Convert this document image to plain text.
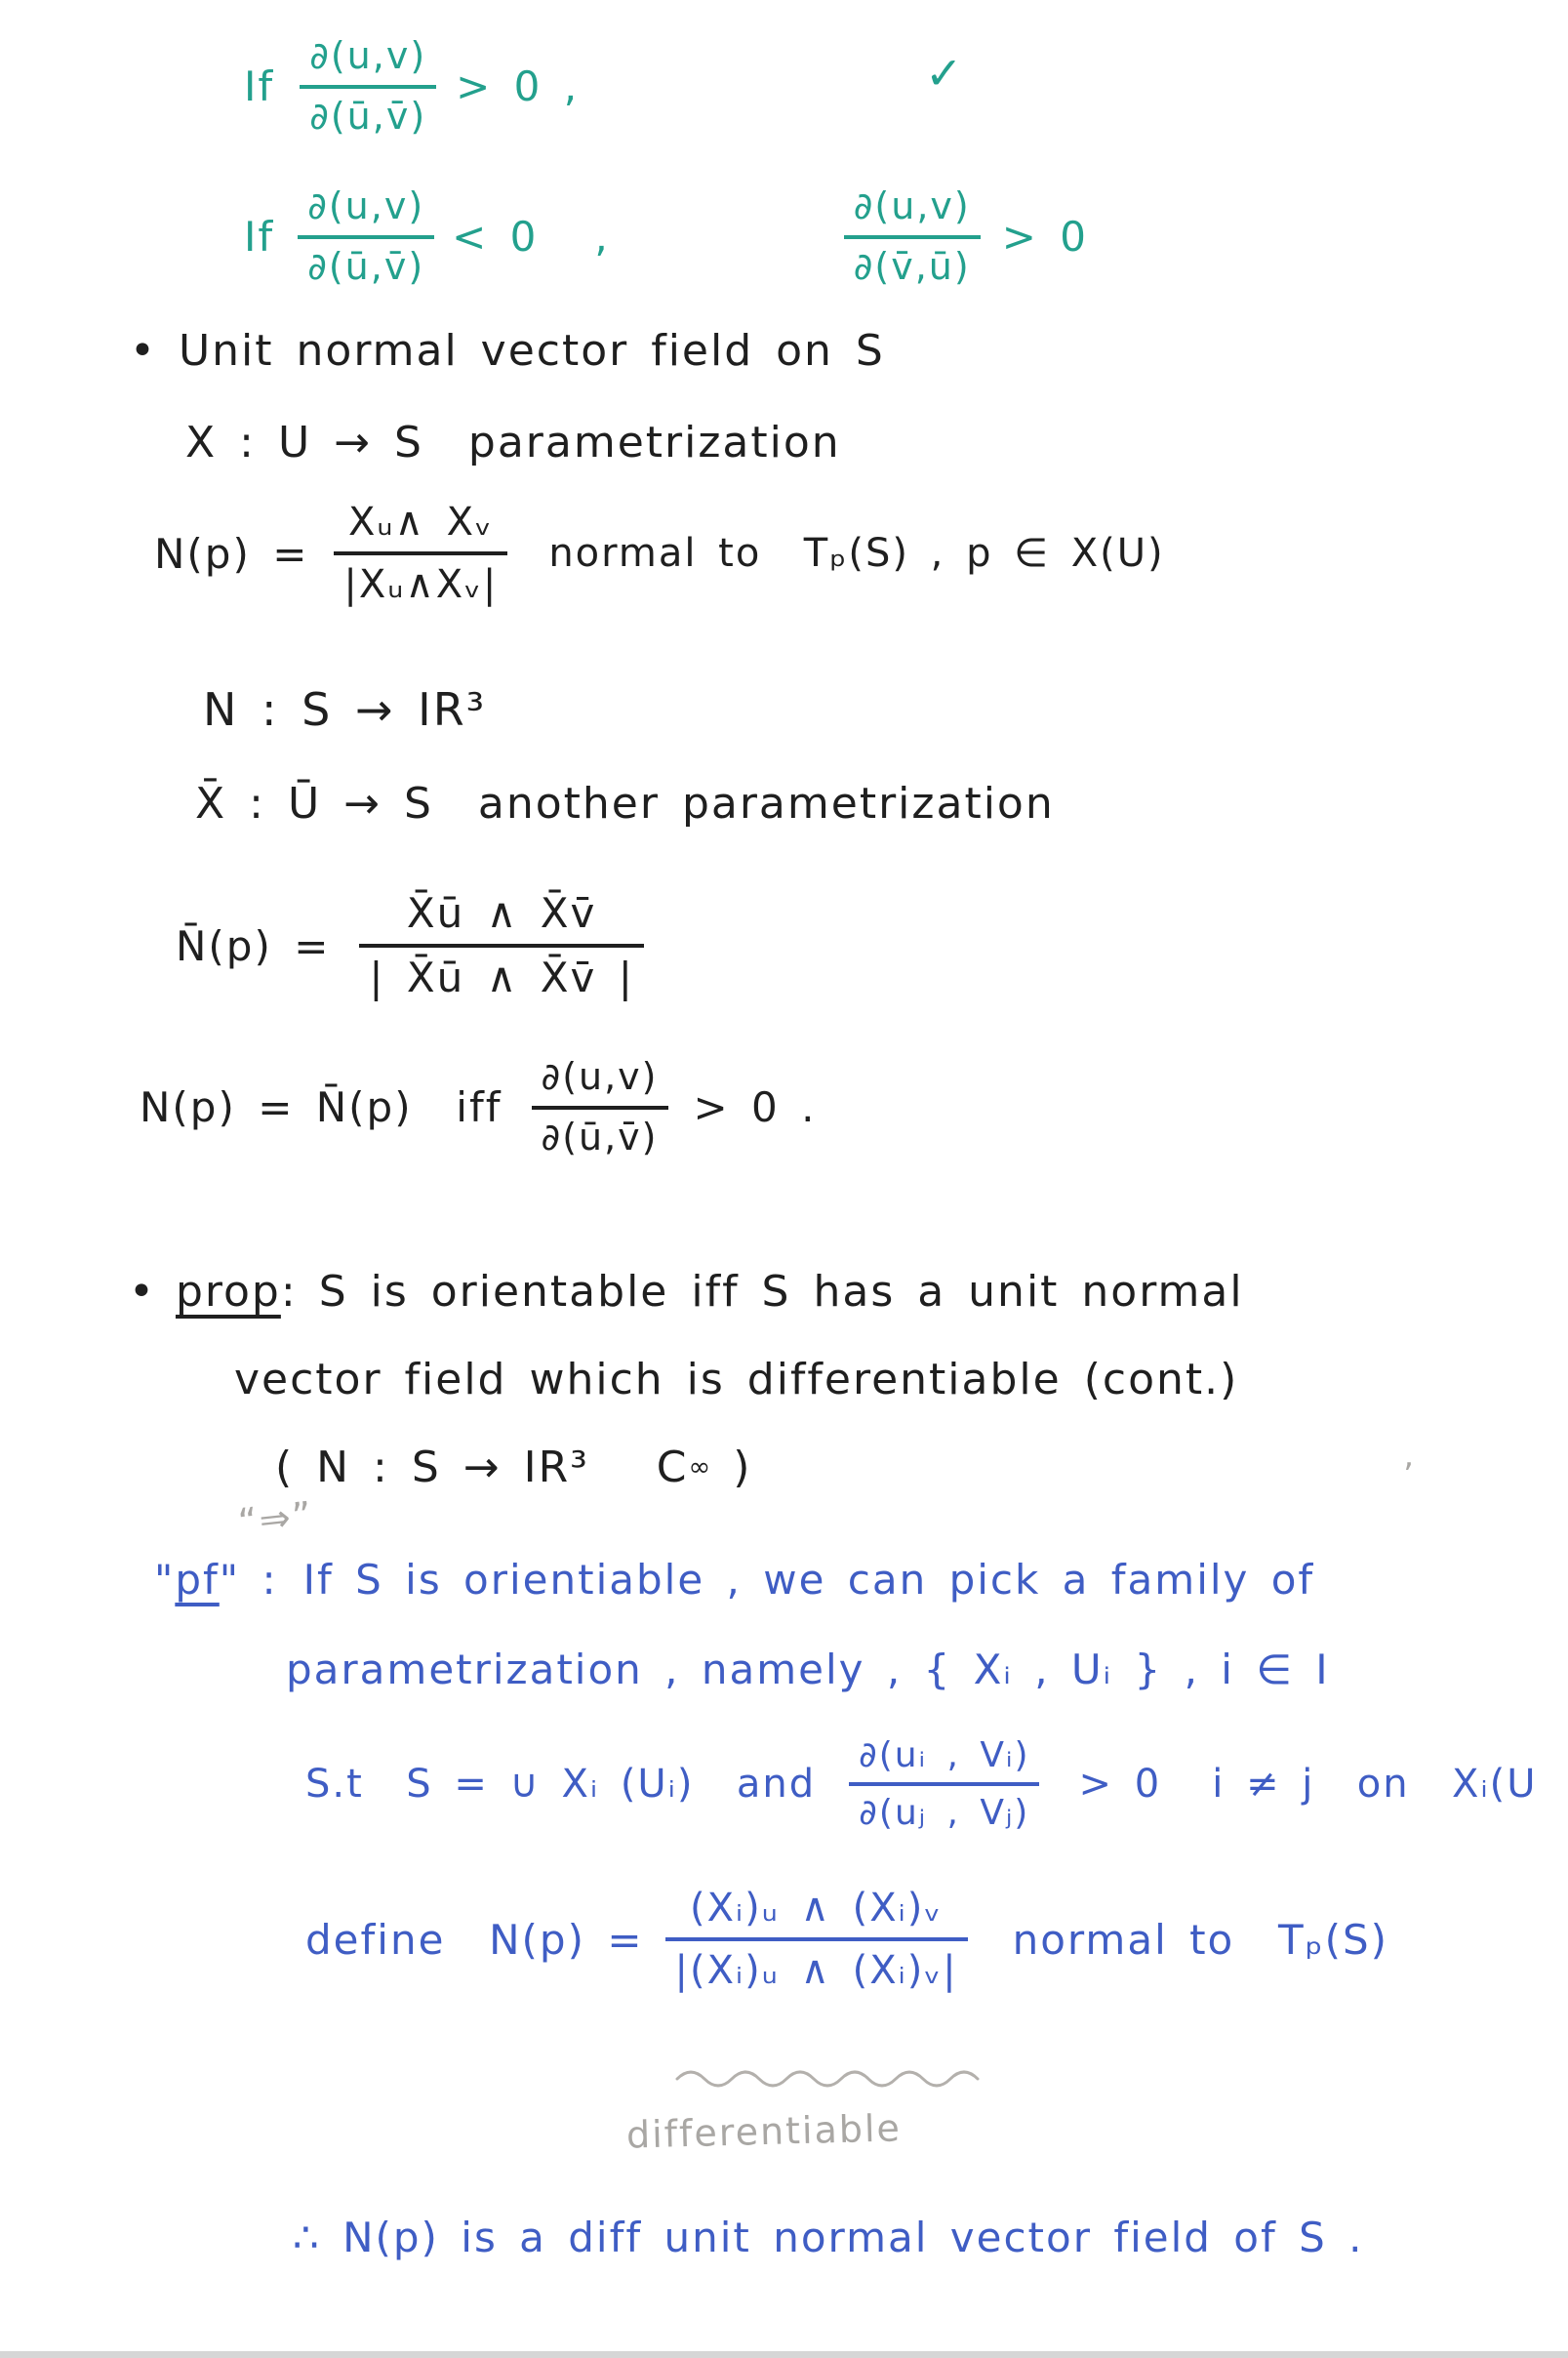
If $\frac{\partial(u,v)}{\partial(ū,v̄)} > 0$ ,	✓
If $\frac{\partial(u,v)}{\partial(ū,v̄)} < 0$ ,	$\frac{\partial(u,v)}{\partial(v̄,ū)} > 0$
• Unit normal vector field on S
X : U → S  parametrization
$N(p) = \frac{\text{Xᵤ∧ Xᵥ}}{\text{|Xᵤ∧Xᵥ|}}$ normal to  Tₚ(S) , p ∈ X(U)
N : S → IR³
X̄ : Ū → S  another parametrization
N̄(p) = $\frac{X̄ū \wedge X̄v̄}{| X̄ū \wedge X̄v̄ |}$
N(p) = N̄(p)  iff $\frac{\partial(u,v)}{\partial(ū,v̄)} > 0$ .
• prop : S is orientable iff S has a unit normal
vector field which is differentiable (cont.)
( N : S → IR³   C ∞ )
“⇒”
’
" pf " : If S is orientiable , we can pick a family of
parametrization , namely , { Xᵢ , Uᵢ } , i ∈ I
S.t  S = ∪ Xᵢ (Uᵢ)  and $\frac{\text{∂(uᵢ , Vᵢ)}}{\text{∂(uⱼ , Vⱼ)}} > 0$ i ≠ j  on  Xᵢ(U
define  $N(p) = \frac{\text{(Xᵢ)ᵤ ∧ (Xᵢ)ᵥ}}{\text{|(Xᵢ)ᵤ ∧ (Xᵢ)ᵥ|}}$ normal to  Tₚ(S)
differentiable
∴ N(p) is a diff unit normal vector field of S .
